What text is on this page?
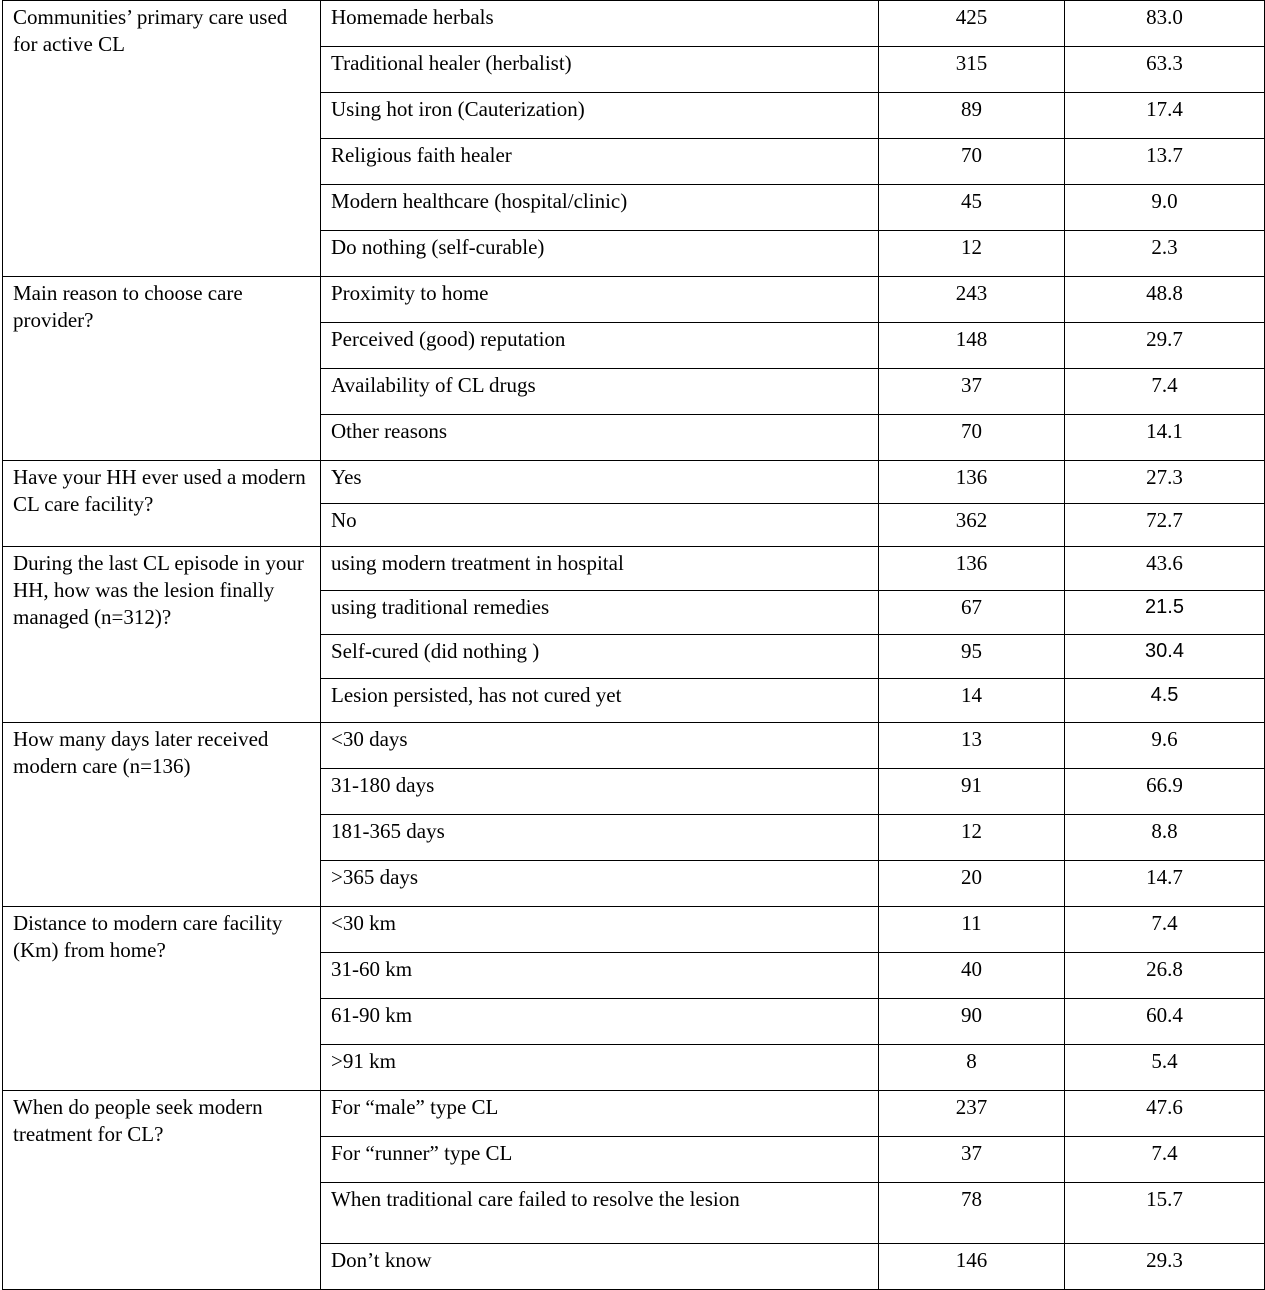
Communities’ primary care used for active CL	Homemade herbals	425	83.0
	Traditional healer (herbalist)	315	63.3
	Using hot iron (Cauterization)	89	17.4
	Religious faith healer	70	13.7
	Modern healthcare (hospital/clinic)	45	9.0
	Do nothing (self-curable)	12	2.3
Main reason to choose care provider?	Proximity to home	243	48.8
	Perceived (good) reputation	148	29.7
	Availability of CL drugs	37	7.4
	Other reasons	70	14.1
Have your HH ever used a modern CL care facility?	Yes	136	27.3
	No	362	72.7
During the last CL episode in your HH, how was the lesion finally managed (n=312)?	using modern treatment in hospital	136	43.6
	using traditional remedies	67	21.5
	Self-cured (did nothing )	95	30.4
	Lesion persisted, has not cured yet	14	4.5
How many days later received modern care (n=136)	<30 days	13	9.6
	31-180 days	91	66.9
	181-365 days	12	8.8
	>365 days	20	14.7
Distance to modern care facility (Km) from home?	<30 km	11	7.4
	31-60 km	40	26.8
	61-90 km	90	60.4
	>91 km	8	5.4
When do people seek modern treatment for CL?	For “male” type CL	237	47.6
	For “runner” type CL	37	7.4
	When traditional care failed to resolve the lesion	78	15.7
	Don’t know	146	29.3
